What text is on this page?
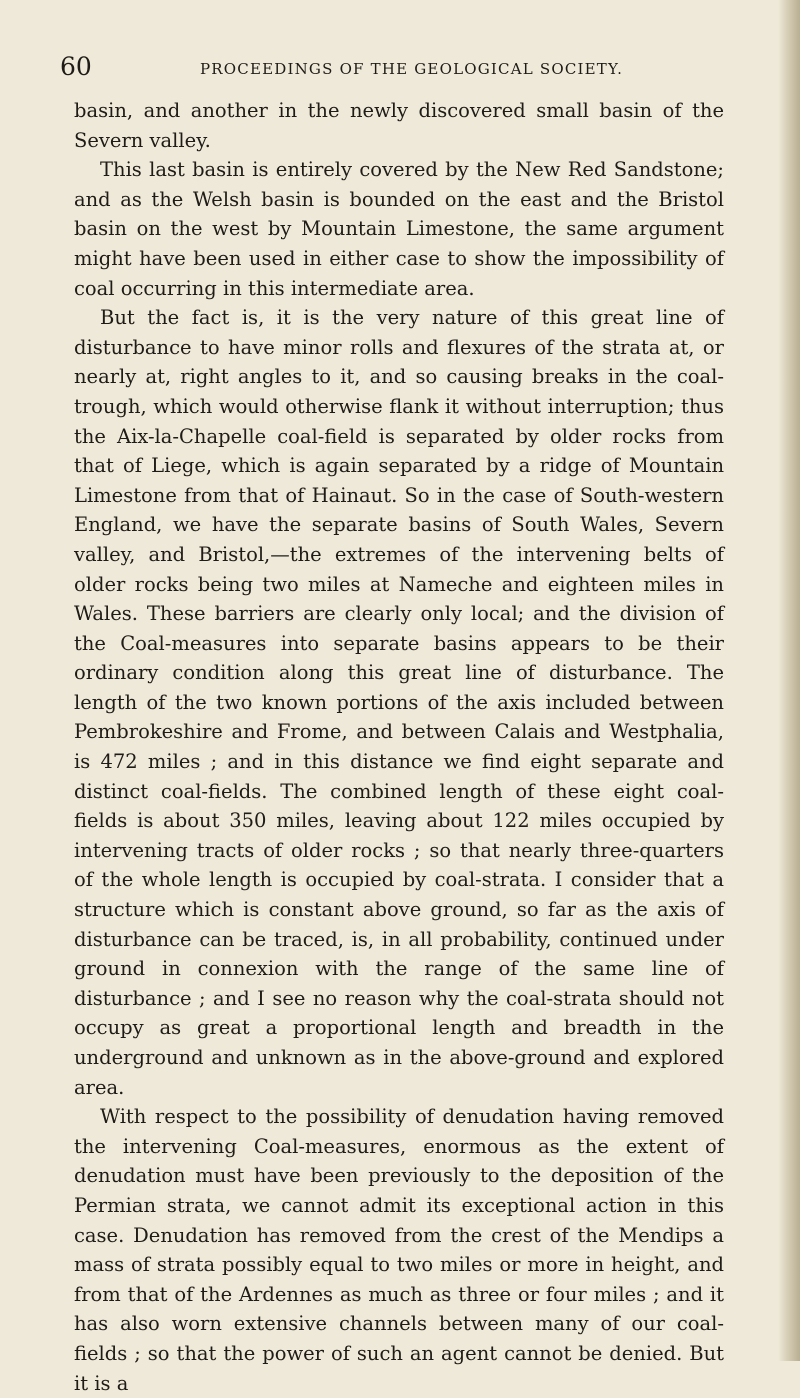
60	PROCEEDINGS OF THE GEOLOGICAL SOCIETY.

basin, and another in the newly discovered small basin of the Severn valley.

This last basin is entirely covered by the New Red Sandstone; and as the Welsh basin is bounded on the east and the Bristol basin on the west by Mountain Limestone, the same argument might have been used in either case to show the impossibility of coal occurring in this intermediate area.

But the fact is, it is the very nature of this great line of disturbance to have minor rolls and flexures of the strata at, or nearly at, right angles to it, and so causing breaks in the coal-trough, which would otherwise flank it without interruption; thus the Aix-la-Chapelle coal-field is separated by older rocks from that of Liege, which is again separated by a ridge of Mountain Limestone from that of Hainaut. So in the case of South-western England, we have the separate basins of South Wales, Severn valley, and Bristol,—the extremes of the intervening belts of older rocks being two miles at Nameche and eighteen miles in Wales. These barriers are clearly only local; and the division of the Coal-measures into separate basins appears to be their ordinary condition along this great line of disturbance. The length of the two known portions of the axis included between Pembrokeshire and Frome, and between Calais and Westphalia, is 472 miles ; and in this distance we find eight separate and distinct coal-fields. The combined length of these eight coal-fields is about 350 miles, leaving about 122 miles occupied by intervening tracts of older rocks ; so that nearly three-quarters of the whole length is occupied by coal-strata. I consider that a structure which is constant above ground, so far as the axis of disturbance can be traced, is, in all probability, continued under ground in connexion with the range of the same line of disturbance ; and I see no reason why the coal-strata should not occupy as great a proportional length and breadth in the underground and unknown as in the above-ground and explored area.

With respect to the possibility of denudation having removed the intervening Coal-measures, enormous as the extent of denudation must have been previously to the deposition of the Permian strata, we cannot admit its exceptional action in this case. Denudation has removed from the crest of the Mendips a mass of strata possibly equal to two miles or more in height, and from that of the Ardennes as much as three or four miles ; and it has also worn extensive channels between many of our coal-fields ; so that the power of such an agent cannot be denied. But it is a
